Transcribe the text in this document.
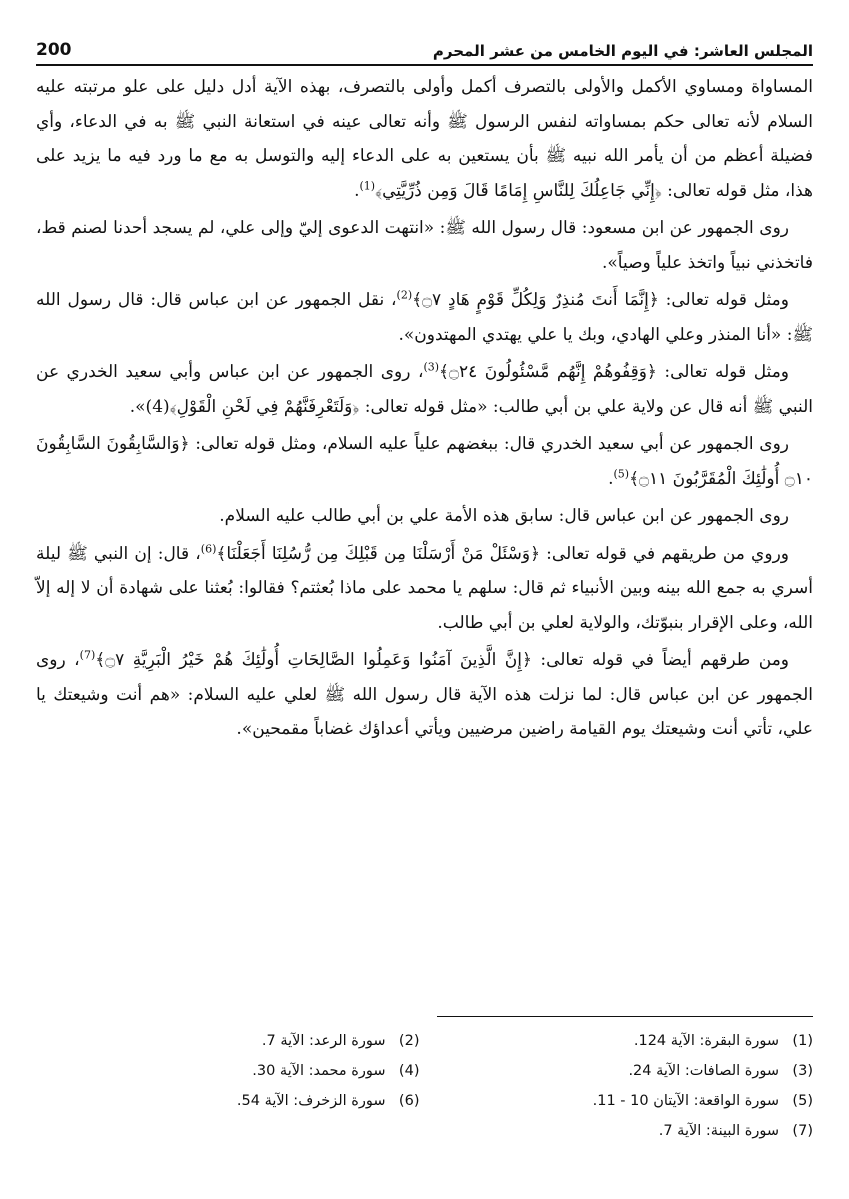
200	المجلس العاشر: في اليوم الخامس من عشر المحرم

المساواة ومساوي الأكمل والأولى بالتصرف أكمل وأولى بالتصرف، بهذه الآية أدل دليل على علو مرتبته عليه السلام لأنه تعالى حكم بمساواته لنفس الرسول ﷺ وأنه تعالى عينه في استعانة النبي ﷺ به في الدعاء، وأي فضيلة أعظم من أن يأمر الله نبيه ﷺ بأن يستعين به على الدعاء إليه والتوسل به مع ما ورد فيه ما يزيد على هذا، مثل قوله تعالى: ﴿إِنِّي جَاعِلُكَ لِلنَّاسِ إِمَامًا قَالَ وَمِن ذُرِّيَّتِي﴾$^{(1)}$.

روى الجمهور عن ابن مسعود: قال رسول الله ﷺ: «انتهت الدعوى إليّ وإلى علي، لم يسجد أحدنا لصنم قط، فاتخذني نبياً واتخذ علياً وصياً».

ومثل قوله تعالى: ﴿إِنَّمَا أَنتَ مُنذِرٌ وَلِكُلِّ قَوْمٍ هَادٍ ۝٧﴾$^{(2)}$، نقل الجمهور عن ابن عباس قال: قال رسول الله ﷺ: «أنا المنذر وعلي الهادي، وبك يا علي يهتدي المهتدون».

ومثل قوله تعالى: ﴿وَقِفُوهُمْ إِنَّهُم مَّسْئُولُونَ ۝٢٤﴾$^{(3)}$، روى الجمهور عن ابن عباس وأبي سعيد الخدري عن النبي ﷺ أنه قال عن ولاية علي بن أبي طالب: «مثل قوله تعالى: ﴿وَلَتَعْرِفَنَّهُمْ فِي لَحْنِ الْقَوْلِ﴾(4)».

روى الجمهور عن أبي سعيد الخدري قال: ببغضهم علياً عليه السلام، ومثل قوله تعالى: ﴿وَالسَّابِقُونَ السَّابِقُونَ ۝١٠ أُولَٰئِكَ الْمُقَرَّبُونَ ۝١١﴾$^{(5)}$.

روى الجمهور عن ابن عباس قال: سابق هذه الأمة علي بن أبي طالب عليه السلام.

وروي من طريقهم في قوله تعالى: ﴿وَسْئَلْ مَنْ أَرْسَلْنَا مِن قَبْلِكَ مِن رُّسُلِنَا أَجَعَلْنَا﴾$^{(6)}$، قال: إن النبي ﷺ ليلة أسري به جمع الله بينه وبين الأنبياء ثم قال: سلهم يا محمد على ماذا بُعثتم؟ فقالوا: بُعثنا على شهادة أن لا إله إلاّ الله، وعلى الإقرار بنبوّتك، والولاية لعلي بن أبي طالب.

ومن طرقهم أيضاً في قوله تعالى: ﴿إِنَّ الَّذِينَ آمَنُوا وَعَمِلُوا الصَّالِحَاتِ أُولَٰئِكَ هُمْ خَيْرُ الْبَرِيَّةِ ۝٧﴾$^{(7)}$، روى الجمهور عن ابن عباس قال: لما نزلت هذه الآية قال رسول الله ﷺ لعلي عليه السلام: «هم أنت وشيعتك يا علي، تأتي أنت وشيعتك يوم القيامة راضين مرضيين ويأتي أعداؤك غضاباً مقمحين».

(1)سورة البقرة: الآية 124.
(2)سورة الرعد: الآية 7.
(3)سورة الصافات: الآية 24.
(4)سورة محمد: الآية 30.
(5)سورة الواقعة: الآيتان 10 - 11.
(6)سورة الزخرف: الآية 54.
(7)سورة البينة: الآية 7.
